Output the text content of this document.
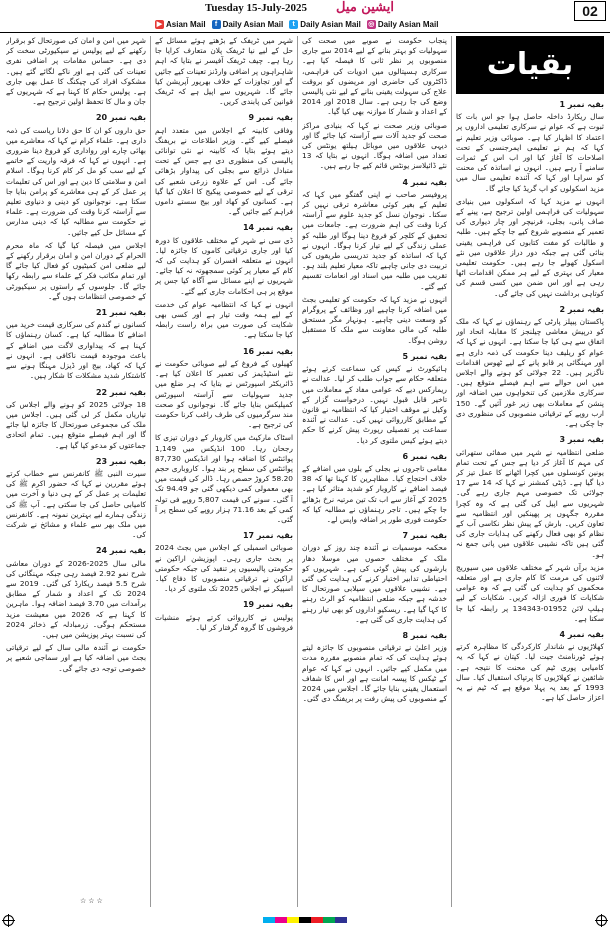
Tuesday 15-July-2025	ایشین میل	02
▶ Asian Mail	f Daily Asian Mail	t Daily Asian Mail ◎ Daily Asian Mail
بقیات
بقیہ نمبر 1

سال ریکارڈ داخلہ حاصل ہوا جو اس بات کا ثبوت ہے کہ عوام نے سرکاری تعلیمی اداروں پر اعتماد کا اظہار کیا ہے۔ صوبائی وزیر تعلیم نے کہا کہ ہم نے تعلیمی ایمرجنسی کے تحت اصلاحات کا آغاز کیا اور اب اس کے ثمرات سامنے آ رہے ہیں۔ انہوں نے اساتذہ کی محنت کو سراہا اور کہا کہ آئندہ تعلیمی سال میں مزید اسکولوں کو اپ گریڈ کیا جائے گا۔

انہوں نے مزید کہا کہ اسکولوں میں بنیادی سہولیات کی فراہمی اولین ترجیح ہے، پینے کے صاف پانی، بجلی، فرنیچر اور چار دیواری کی تعمیر کے منصوبے شروع کیے جا چکے ہیں۔ طلبہ و طالبات کو مفت کتابوں کی فراہمی یقینی بنائی گئی ہے جبکہ دور دراز علاقوں میں نئے اسکول کھولے جا رہے ہیں۔ حکومت تعلیمی معیار کی بہتری کے لیے ہر ممکن اقدامات اٹھا رہی ہے اور اس ضمن میں کسی قسم کی کوتاہی برداشت نہیں کی جائے گی۔

بقیہ نمبر 2

پاکستان پیپلز پارٹی کے رہنماؤں نے کہا کہ ملک کو درپیش معاشی چیلنجز کا مقابلہ اتحاد اور اتفاق سے ہی کیا جا سکتا ہے۔ انہوں نے کہا کہ عوام کو ریلیف دینا حکومت کی ذمہ داری ہے اور مہنگائی پر قابو پانے کے لیے ٹھوس اقدامات ناگزیر ہیں۔ 22 جولائی کو ہونے والے اجلاس میں اس حوالے سے اہم فیصلے متوقع ہیں۔ سرکاری ملازمین کی تنخواہوں میں اضافہ اور پنشن کے معاملات بھی زیر غور آئیں گے۔ 150 ارب روپے کے ترقیاتی منصوبوں کی منظوری دی جا چکی ہے۔

بقیہ نمبر 3

ضلعی انتظامیہ نے شہر میں صفائی ستھرائی کی مہم کا آغاز کر دیا ہے جس کے تحت تمام یونین کونسلوں میں کچرا اٹھانے کا عمل تیز کر دیا گیا ہے۔ ڈپٹی کمشنر نے کہا کہ 14 سے 17 جولائی تک خصوصی مہم جاری رہے گی۔ شہریوں سے اپیل کی گئی ہے کہ وہ کچرا مقررہ جگہوں پر پھینکیں اور انتظامیہ سے تعاون کریں۔ بارش کے پیش نظر نکاسی آب کے نظام کو بھی فعال رکھنے کی ہدایات جاری کی گئی ہیں تاکہ نشیبی علاقوں میں پانی جمع نہ ہو۔

مزید برآں شہر کے مختلف علاقوں میں سیوریج لائنوں کی مرمت کا کام جاری ہے اور متعلقہ محکموں کو ہدایت کی گئی ہے کہ وہ عوامی شکایات کا فوری ازالہ کریں۔ شکایات کے لیے ہیلپ لائن 01952-134343 پر رابطہ کیا جا سکتا ہے۔

بقیہ نمبر 4

کھلاڑیوں نے شاندار کارکردگی کا مظاہرہ کرتے ہوئے ٹورنامنٹ جیت لیا۔ کپتان نے کہا کہ یہ کامیابی پوری ٹیم کی محنت کا نتیجہ ہے۔ شائقین نے کھلاڑیوں کا پرتپاک استقبال کیا۔ سال 1993 کے بعد یہ پہلا موقع ہے کہ ٹیم نے یہ اعزاز حاصل کیا ہے۔

پنجاب حکومت نے صوبے میں صحت کی سہولیات کو بہتر بنانے کے لیے 2014 سے جاری منصوبوں پر نظر ثانی کا فیصلہ کیا ہے۔ سرکاری ہسپتالوں میں ادویات کی فراہمی، ڈاکٹروں کی حاضری اور مریضوں کو بروقت علاج کی سہولت یقینی بنانے کے لیے نئی پالیسی وضع کی جا رہی ہے۔ سال 2018 اور 2014 کے اعداد و شمار کا موازنہ بھی کیا گیا۔

صوبائی وزیر صحت نے کہا کہ بنیادی مراکز صحت کو جدید آلات سے آراستہ کیا جائے گا اور دیہی علاقوں میں موبائل ہیلتھ یونٹس کی تعداد میں اضافہ ہوگا۔ انہوں نے بتایا کہ 13 نئے ڈائیلاسز یونٹس قائم کیے جا رہے ہیں۔

بقیہ نمبر 4

پروفیسر صاحب نے اپنی گفتگو میں کہا کہ تعلیم کے بغیر کوئی معاشرہ ترقی نہیں کر سکتا۔ نوجوان نسل کو جدید علوم سے آراستہ کرنا وقت کی اہم ضرورت ہے۔ جامعات میں تحقیق کے کلچر کو فروغ دینا ہوگا اور طلبہ کو عملی زندگی کے لیے تیار کرنا ہوگا۔ انہوں نے کہا کہ اساتذہ کو جدید تدریسی طریقوں کی تربیت دی جانی چاہیے تاکہ معیار تعلیم بلند ہو۔ تقریب میں طلبہ میں اسناد اور انعامات تقسیم کیے گئے۔

انہوں نے مزید کہا کہ حکومت کو تعلیمی بجٹ میں اضافہ کرنا چاہیے اور وظائف کے پروگرام کو وسعت دینی چاہیے۔ ہونہار مگر مستحق طلبہ کی مالی معاونت سے ملک کا مستقبل روشن ہوگا۔

بقیہ نمبر 5

ہائیکورٹ نے کیس کی سماعت کرتے ہوئے متعلقہ حکام سے جواب طلب کر لیا۔ عدالت نے ریمارکس دیے کہ عوامی مفاد کے معاملات میں تاخیر قابل قبول نہیں۔ درخواست گزار کے وکیل نے موقف اختیار کیا کہ انتظامیہ نے قانون کے مطابق کارروائی نہیں کی۔ عدالت نے آئندہ سماعت پر تفصیلی رپورٹ پیش کرنے کا حکم دیتے ہوئے کیس ملتوی کر دیا۔

بقیہ نمبر 6

مقامی تاجروں نے بجلی کے بلوں میں اضافے کے خلاف احتجاج کیا۔ مظاہرین کا کہنا تھا کہ 38 فیصد اضافے نے کاروبار کو شدید متاثر کیا ہے۔ 2025 کے آغاز سے اب تک تین مرتبہ نرخ بڑھائے جا چکے ہیں۔ تاجر رہنماؤں نے مطالبہ کیا کہ حکومت فوری طور پر اضافہ واپس لے۔

بقیہ نمبر 7

محکمہ موسمیات نے آئندہ چند روز کے دوران ملک کے مختلف حصوں میں موسلا دھار بارشوں کی پیش گوئی کی ہے۔ شہریوں کو احتیاطی تدابیر اختیار کرنے کی ہدایت کی گئی ہے۔ نشیبی علاقوں میں سیلابی صورتحال کا خدشہ ہے جبکہ ضلعی انتظامیہ کو الرٹ رہنے کا کہا گیا ہے۔ ریسکیو اداروں کو بھی تیار رہنے کی ہدایت جاری کی گئی ہے۔

بقیہ نمبر 8

وزیر اعلیٰ نے ترقیاتی منصوبوں کا جائزہ لیتے ہوئے ہدایت کی کہ تمام منصوبے مقررہ مدت میں مکمل کیے جائیں۔ انہوں نے کہا کہ عوام کے ٹیکس کا پیسہ امانت ہے اور اس کا شفاف استعمال یقینی بنایا جائے گا۔ اجلاس میں 2024 کے منصوبوں کی پیش رفت پر بریفنگ دی گئی۔

شہر میں ٹریفک کے بڑھتے ہوئے مسائل کے حل کے لیے نیا ٹریفک پلان متعارف کرایا جا رہا ہے۔ چیف ٹریفک آفیسر نے بتایا کہ اہم شاہراہوں پر اضافی وارڈنز تعینات کیے جائیں گے اور تجاوزات کے خلاف بھرپور آپریشن کیا جائے گا۔ شہریوں سے اپیل ہے کہ ٹریفک قوانین کی پابندی کریں۔

بقیہ نمبر 9

وفاقی کابینہ کے اجلاس میں متعدد اہم فیصلے کیے گئے۔ وزیر اطلاعات نے بریفنگ دیتے ہوئے بتایا کہ کابینہ نے نئی توانائی پالیسی کی منظوری دی ہے جس کے تحت متبادل ذرائع سے بجلی کی پیداوار بڑھائی جائے گی۔ اس کے علاوہ زرعی شعبے کی ترقی کے لیے خصوصی پیکیج کا اعلان کیا گیا ہے۔ کسانوں کو کھاد اور بیج سستے داموں فراہم کیے جائیں گے۔

بقیہ نمبر 14

ڈی سی نے شہر کے مختلف علاقوں کا دورہ کیا اور جاری ترقیاتی کاموں کا جائزہ لیا۔ انہوں نے متعلقہ افسران کو ہدایت کی کہ کام کے معیار پر کوئی سمجھوتہ نہ کیا جائے۔ شہریوں نے اپنے مسائل سے آگاہ کیا جس پر موقع پر ہی احکامات جاری کیے گئے۔

انہوں نے کہا کہ انتظامیہ عوام کی خدمت کے لیے ہمہ وقت تیار ہے اور کسی بھی شکایت کی صورت میں براہ راست رابطہ کیا جا سکتا ہے۔

بقیہ نمبر 16

کھیلوں کے فروغ کے لیے صوبائی حکومت نے نئے اسٹیڈیمز کی تعمیر کا اعلان کیا ہے۔ ڈائریکٹر اسپورٹس نے بتایا کہ ہر ضلع میں جدید سہولیات سے آراستہ اسپورٹس کمپلیکس بنایا جائے گا۔ نوجوانوں کو صحت مند سرگرمیوں کی طرف راغب کرنا حکومت کی ترجیح ہے۔

اسٹاک مارکیٹ میں کاروبار کے دوران تیزی کا رجحان رہا۔ 100 انڈیکس میں 1,149 پوائنٹس کا اضافہ ہوا اور انڈیکس 87,730 پوائنٹس کی سطح پر بند ہوا۔ کاروباری حجم 58.20 کروڑ حصص رہا۔ ڈالر کی قیمت میں بھی معمولی کمی دیکھی گئی جو 94.49 تک آ گئی۔ سونے کی قیمت 5,807 روپے فی تولہ کمی کے بعد 71.16 ہزار روپے کی سطح پر آ گئی۔

بقیہ نمبر 17

صوبائی اسمبلی کے اجلاس میں بجٹ 2024 پر بحث جاری رہی۔ اپوزیشن اراکین نے حکومتی پالیسیوں پر تنقید کی جبکہ حکومتی اراکین نے ترقیاتی منصوبوں کا دفاع کیا۔ اسپیکر نے اجلاس 2025 تک ملتوی کر دیا۔

بقیہ نمبر 19

پولیس نے کارروائی کرتے ہوئے منشیات فروشوں کا گروہ گرفتار کر لیا۔

شہر میں امن و امان کی صورتحال کو برقرار رکھنے کے لیے پولیس نے سیکیورٹی سخت کر دی ہے۔ حساس مقامات پر اضافی نفری تعینات کی گئی ہے اور ناکے لگائے گئے ہیں۔ مشکوک افراد کی چیکنگ کا عمل بھی جاری ہے۔ پولیس حکام کا کہنا ہے کہ شہریوں کے جان و مال کا تحفظ اولین ترجیح ہے۔

بقیہ نمبر 20

حق داروں کو ان کا حق دلانا ریاست کی ذمہ داری ہے۔ علماء کرام نے کہا کہ معاشرے میں بھائی چارے اور رواداری کو فروغ دینا ضروری ہے۔ انہوں نے کہا کہ فرقہ واریت کے خاتمے کے لیے سب کو مل کر کام کرنا ہوگا۔ اسلام امن و سلامتی کا دین ہے اور اس کی تعلیمات پر عمل کر کے ہی معاشرے کو پرامن بنایا جا سکتا ہے۔ نوجوانوں کو دینی و دنیاوی تعلیم سے آراستہ کرنا وقت کی ضرورت ہے۔ علماء نے حکومت سے مطالبہ کیا کہ دینی مدارس کے مسائل حل کیے جائیں۔

اجلاس میں فیصلہ کیا گیا کہ ماہ محرم الحرام کے دوران امن و امان برقرار رکھنے کے لیے ضلعی امن کمیٹیوں کو فعال کیا جائے گا اور تمام مکاتب فکر کے علماء سے رابطہ رکھا جائے گا۔ جلوسوں کے راستوں پر سیکیورٹی کے خصوصی انتظامات ہوں گے۔

بقیہ نمبر 21

کسانوں نے گندم کی سرکاری قیمت خرید میں اضافے کا مطالبہ کیا ہے۔ کسان رہنماؤں کا کہنا ہے کہ پیداواری لاگت میں اضافے کے باعث موجودہ قیمت ناکافی ہے۔ انہوں نے کہا کہ کھاد، بیج اور ڈیزل مہنگا ہونے سے کاشتکار شدید مشکلات کا شکار ہیں۔

بقیہ نمبر 22

18 جولائی 2025 کو ہونے والے اجلاس کی تیاریاں مکمل کر لی گئی ہیں۔ اجلاس میں ملک کی مجموعی صورتحال کا جائزہ لیا جائے گا اور اہم فیصلے متوقع ہیں۔ تمام اتحادی جماعتوں کو مدعو کیا گیا ہے۔

بقیہ نمبر 23

سیرت النبی ﷺ کانفرنس سے خطاب کرتے ہوئے مقررین نے کہا کہ حضور اکرم ﷺ کی تعلیمات پر عمل کر کے ہی دنیا و آخرت میں کامیابی حاصل کی جا سکتی ہے۔ آپ ﷺ کی زندگی ہمارے لیے بہترین نمونہ ہے۔ کانفرنس میں ملک بھر سے علماء و مشائخ نے شرکت کی۔

بقیہ نمبر 24

مالی سال 2025-2026 کے دوران معاشی شرح نمو 2.92 فیصد رہی جبکہ مہنگائی کی شرح 5.5 فیصد ریکارڈ کی گئی۔ 2019 سے 2024 تک کے اعداد و شمار کے مطابق برآمدات میں 3.70 فیصد اضافہ ہوا۔ ماہرین کا کہنا ہے کہ 2026 میں معیشت مزید مستحکم ہوگی۔ زرمبادلہ کے ذخائر 2024 کی نسبت بہتر پوزیشن میں ہیں۔

حکومت نے آئندہ مالی سال کے لیے ترقیاتی بجٹ میں اضافہ کیا ہے اور سماجی شعبے پر خصوصی توجہ دی جائے گی۔

☆☆☆
